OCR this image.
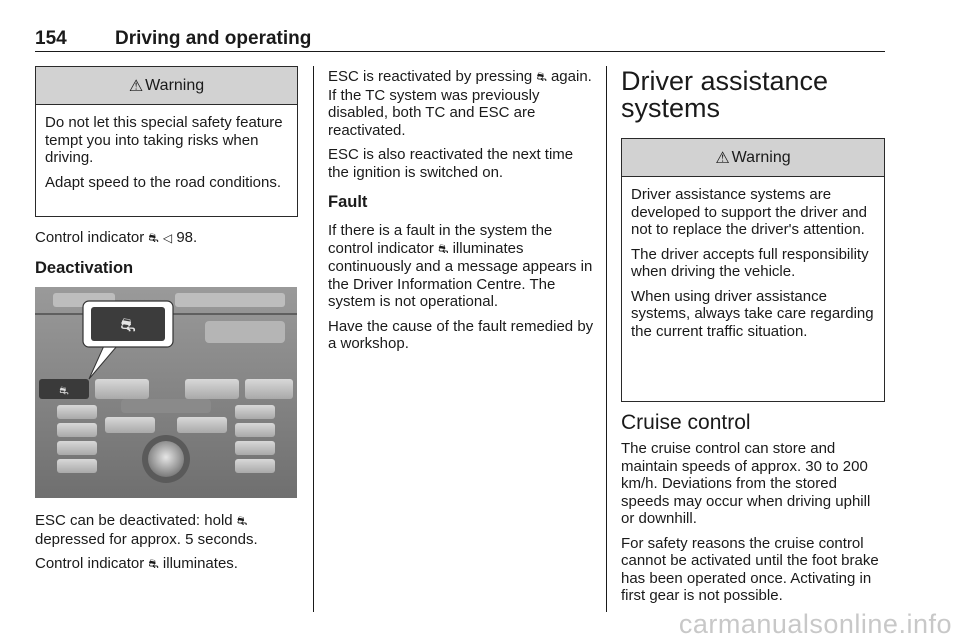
154	Driving and operating
⚠ Warning

Do not let this special safety feature tempt you into taking risks when driving.

Adapt speed to the road conditions.

Control indicator ⛐ ◁ 98.
Deactivation
⛐
⛐

ESC can be deactivated: hold ⛐ depressed for approx. 5 seconds.

Control indicator ⛐ illuminates.

ESC is reactivated by pressing ⛐ again. If the TC system was previously disabled, both TC and ESC are reactivated.

ESC is also reactivated the next time the ignition is switched on.

Fault

If there is a fault in the system the control indicator ⛐ illuminates continuously and a message appears in the Driver Information Centre. The system is not operational.

Have the cause of the fault remedied by a workshop.

Driver assistance systems
⚠ Warning

Driver assistance systems are developed to support the driver and not to replace the driver's attention.

The driver accepts full responsibility when driving the vehicle.

When using driver assistance systems, always take care regarding the current traffic situation.

Cruise control

The cruise control can store and maintain speeds of approx. 30 to 200 km/h. Deviations from the stored speeds may occur when driving uphill or downhill.

For safety reasons the cruise control cannot be activated until the foot brake has been operated once. Activating in first gear is not possible.

carmanualsonline.info
